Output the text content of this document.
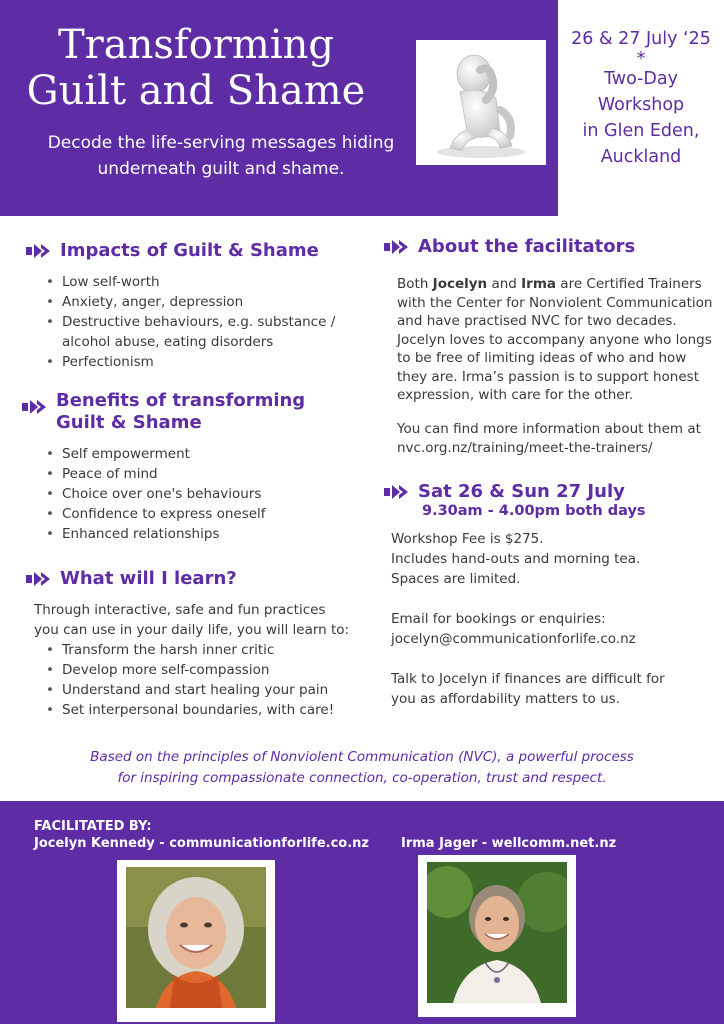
Transforming
Guilt and Shame
Decode the life-serving messages hiding
underneath guilt and shame.
26 & 27 July ‘25
*
Two-Day
Workshop
in Glen Eden,
Auckland
Impacts of Guilt & Shame
• Low self-worth
• Anxiety, anger, depression
• Destructive behaviours, e.g. substance /
alcohol abuse, eating disorders
• Perfectionism
Benefits of transforming
Guilt & Shame
• Self empowerment
• Peace of mind
• Choice over one's behaviours
• Confidence to express oneself
• Enhanced relationships
What will I learn?
Through interactive, safe and fun practices
you can use in your daily life, you will learn to:
• Transform the harsh inner critic
• Develop more self-compassion
• Understand and start healing your pain
• Set interpersonal boundaries, with care!
About the facilitators
Both Jocelyn and Irma are Certified Trainers
with the Center for Nonviolent Communication
and have practised NVC for two decades.
Jocelyn loves to accompany anyone who longs
to be free of limiting ideas of who and how
they are. Irma’s passion is to support honest
expression, with care for the other.
You can find more information about them at
nvc.org.nz/training/meet-the-trainers/
Sat 26 & Sun 27 July
9.30am - 4.00pm both days
Workshop Fee is $275.
Includes hand-outs and morning tea.
Spaces are limited.
Email for bookings or enquiries:
jocelyn@communicationforlife.co.nz
Talk to Jocelyn if finances are difficult for
you as affordability matters to us.
Based on the principles of Nonviolent Communication (NVC), a powerful process
for inspiring compassionate connection, co-operation, trust and respect.
FACILITATED BY:
Jocelyn Kennedy - communicationforlife.co.nz Irma Jager - wellcomm.net.nz
